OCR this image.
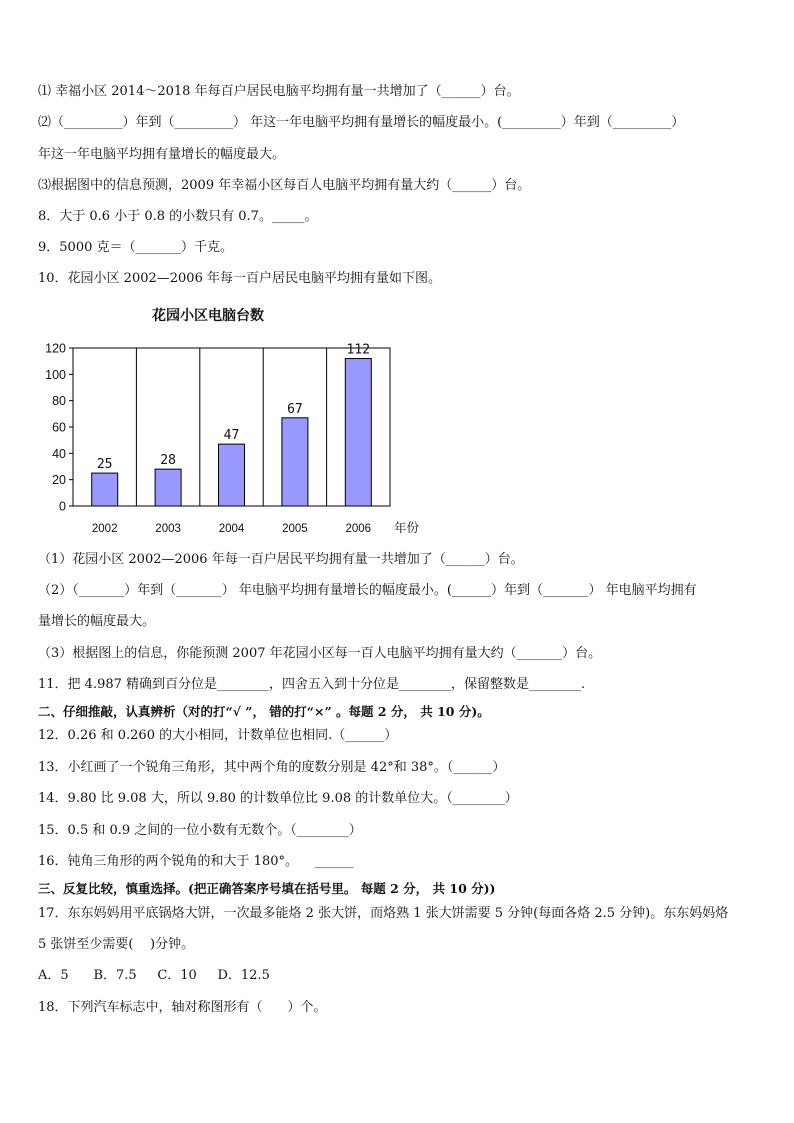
⑴ 幸福小区 2014～2018 年每百户居民电脑平均拥有量一共增加了（______）台。
⑵（_________）年到（_________） 年这一年电脑平均拥有量增长的幅度最小。(_________）年到（_________）
年这一年电脑平均拥有量增长的幅度最大。
⑶根据图中的信息预测，2009 年幸福小区每百人电脑平均拥有量大约（______）台。
8．大于 0.6 小于 0.8 的小数只有 0.7。_____。
9．5000 克＝（_______）千克。
10．花园小区 2002—2006 年每一百户居民电脑平均拥有量如下图。
花园小区电脑台数
0
20
40
60
80
100
120
25
2002
28
2003
47
2004
67
2005
112
2006 年份
（1）花园小区 2002—2006 年每一百户居民平均拥有量一共增加了（______）台。
（2）（_______）年到（_______） 年电脑平均拥有量增长的幅度最小。(______）年到（_______） 年电脑平均拥有
量增长的幅度最大。
（3）根据图上的信息，你能预测 2007 年花园小区每一百人电脑平均拥有量大约（_______）台。
11．把 4.987 精确到百分位是________，四舍五入到十分位是________，保留整数是________.
二、仔细推敲，认真辨析（对的打“√ ”， 错的打“×” 。每题 2 分， 共 10 分)。
12．0.26 和 0.260 的大小相同，计数单位也相同.（______）
13．小红画了一个锐角三角形，其中两个角的度数分别是 42°和 38°。（______）
14．9.80 比 9.08 大，所以 9.80 的计数单位比 9.08 的计数单位大。（________）
15．0.5 和 0.9 之间的一位小数有无数个。（________）
16．钝角三角形的两个锐角的和大于 180°。    ______
三、反复比较，慎重选择。(把正确答案序号填在括号里。 每题 2 分， 共 10 分))
17．东东妈妈用平底锅烙大饼，一次最多能烙 2 张大饼，而烙熟 1 张大饼需要 5 分钟(每面各烙 2.5 分钟)。东东妈妈烙
5 张饼至少需要(    )分钟。
A．5      B．7.5     C．10     D．12.5
18．下列汽车标志中，轴对称图形有（      ）个。
